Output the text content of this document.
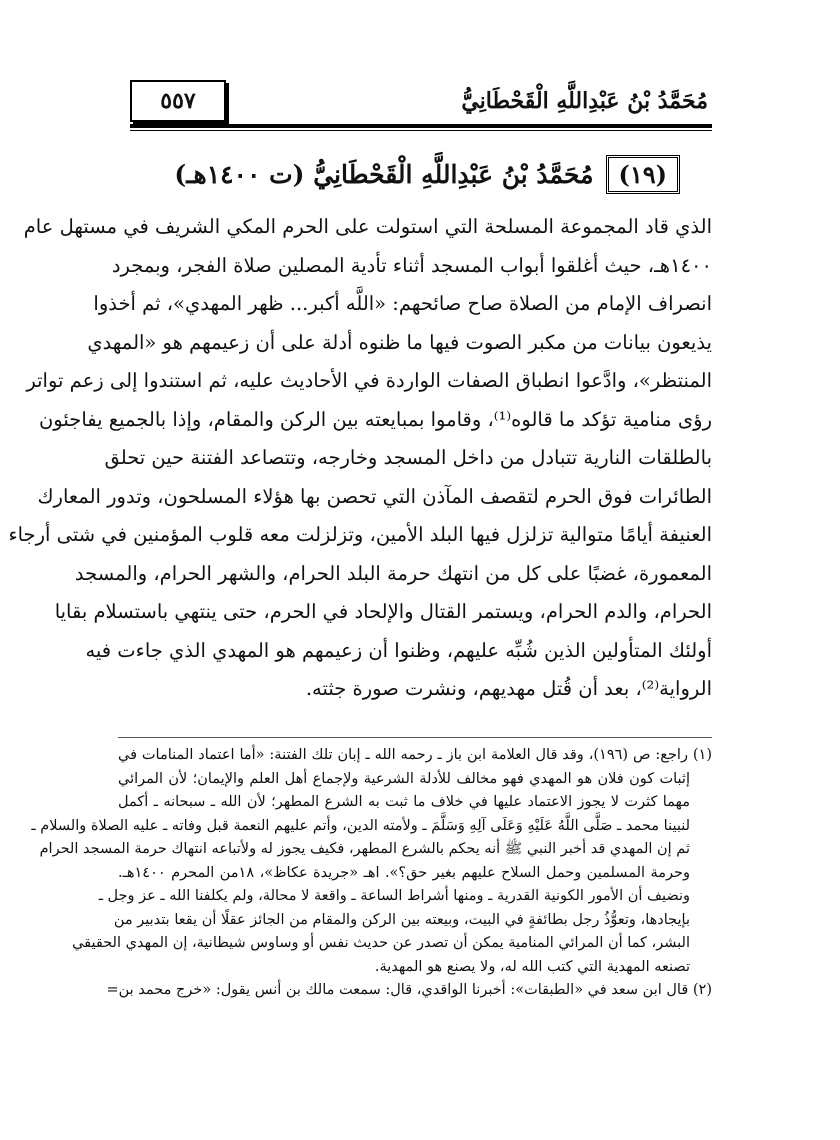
مُحَمَّدُ بْنُ عَبْدِاللَّهِ الْقَحْطَانِيُّ
٥٥٧
(١٩)
مُحَمَّدُ بْنُ عَبْدِاللَّهِ الْقَحْطَانِيُّ (ت ١٤٠٠هـ)
الذي قاد المجموعة المسلحة التي استولت على الحرم المكي الشريف في مستهل عام
١٤٠٠هـ، حيث أغلقوا أبواب المسجد أثناء تأدية المصلين صلاة الفجر، وبمجرد
انصراف الإمام من الصلاة صاح صائحهم: «اللَّه أكبر... ظهر المهدي»، ثم أخذوا
يذيعون بيانات من مكبر الصوت فيها ما ظنوه أدلة على أن زعيمهم هو «المهدي
المنتظر»، وادَّعوا انطباق الصفات الواردة في الأحاديث عليه، ثم استندوا إلى زعم تواتر
رؤى منامية تؤكد ما قالوه⁽¹⁾، وقاموا بمبايعته بين الركن والمقام، وإذا بالجميع يفاجئون
بالطلقات النارية تتبادل من داخل المسجد وخارجه، وتتصاعد الفتنة حين تحلق
الطائرات فوق الحرم لتقصف المآذن التي تحصن بها هؤلاء المسلحون، وتدور المعارك
العنيفة أيامًا متوالية تزلزل فيها البلد الأمين، وتزلزلت معه قلوب المؤمنين في شتى أرجاء
المعمورة، غضبًا على كل من انتهك حرمة البلد الحرام، والشهر الحرام، والمسجد
الحرام، والدم الحرام، ويستمر القتال والإلحاد في الحرم، حتى ينتهي باستسلام بقايا
أولئك المتأولين الذين شُبِّه عليهم، وظنوا أن زعيمهم هو المهدي الذي جاءت فيه
الرواية⁽²⁾، بعد أن قُتل مهديهم، ونشرت صورة جثته.
(١) راجع: ص (١٩٦)، وقد قال العلامة ابن باز ـ رحمه الله ـ إبان تلك الفتنة: «أما اعتماد المنامات في
إثبات كون فلان هو المهدي فهو مخالف للأدلة الشرعية ولإجماع أهل العلم والإيمان؛ لأن المرائي
مهما كثرت لا يجوز الاعتماد عليها في خلاف ما ثبت به الشرع المطهر؛ لأن الله ـ سبحانه ـ أكمل
لنبينا محمد ـ صَلَّى اللَّهُ عَلَيْهِ وَعَلَى آلِهِ وَسَلَّمَ ـ ولأمته الدين، وأتم عليهم النعمة قبل وفاته ـ عليه الصلاة والسلام ـ
ثم إن المهدي قد أخبر النبي ﷺ أنه يحكم بالشرع المطهر، فكيف يجوز له ولأتباعه انتهاك حرمة المسجد الحرام
وحرمة المسلمين وحمل السلاح عليهم بغير حق؟». اهـ «جريدة عكاظ»، ١٨من المحرم ١٤٠٠هـ.
ونضيف أن الأمور الكونية القدرية ـ ومنها أشراط الساعة ـ واقعة لا محالة، ولم يكلفنا الله ـ عز وجل ـ
بإيجادها، وتعوُّذُ رجل بطائفةٍ في البيت، وبيعته بين الركن والمقام من الجائز عقلًا أن يقعا بتدبير من
البشر، كما أن المرائي المنامية يمكن أن تصدر عن حديث نفس أو وساوس شيطانية، إن المهدي الحقيقي
تصنعه المهدية التي كتب الله له، ولا يصنع هو المهدية.
(٢) قال ابن سعد في «الطبقات»: أخبرنا الواقدي، قال: سمعت مالك بن أنس يقول: «خرج محمد بن=
